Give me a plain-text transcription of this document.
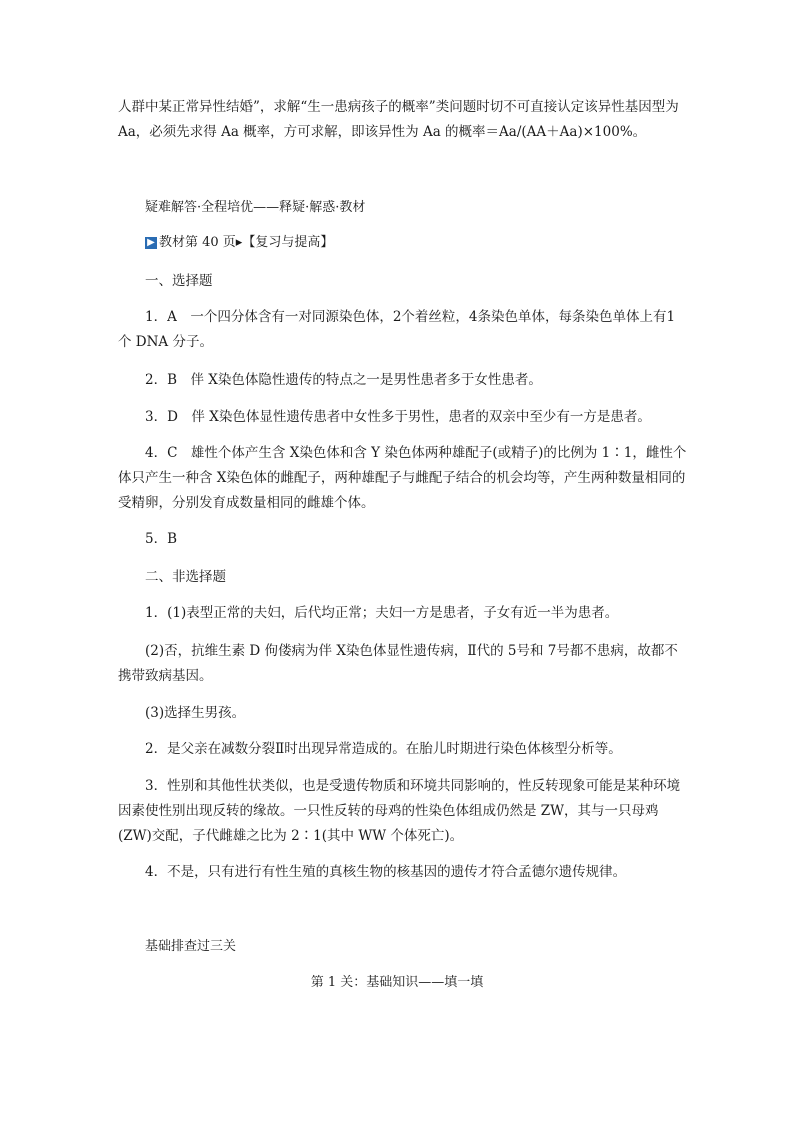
人群中某正常异性结婚”，求解“生一患病孩子的概率”类问题时切不可直接认定该异性基因型为 Aa，必须先求得 Aa 概率，方可求解，即该异性为 Aa 的概率＝Aa/(AA＋Aa)×100%。

疑难解答·全程培优——释疑·解惑·教材
▶ 教材第 40 页▸【复习与提高】
一、选择题

1．A　一个四分体含有一对同源染色体，2个着丝粒，4条染色单体，每条染色单体上有1个 DNA 分子。

2．B　伴 X染色体隐性遗传的特点之一是男性患者多于女性患者。

3．D　伴 X染色体显性遗传患者中女性多于男性，患者的双亲中至少有一方是患者。

4．C　雄性个体产生含 X染色体和含 Y 染色体两种雄配子(或精子)的比例为 1∶1，雌性个体只产生一种含 X染色体的雌配子，两种雄配子与雌配子结合的机会均等，产生两种数量相同的受精卵，分别发育成数量相同的雌雄个体。

5．B

二、非选择题

1．(1)表型正常的夫妇，后代均正常；夫妇一方是患者，子女有近一半为患者。

(2)否，抗维生素 D 佝偻病为伴 X染色体显性遗传病，Ⅱ代的 5号和 7号都不患病，故都不携带致病基因。

(3)选择生男孩。

2．是父亲在减数分裂Ⅱ时出现异常造成的。在胎儿时期进行染色体核型分析等。

3．性别和其他性状类似，也是受遗传物质和环境共同影响的，性反转现象可能是某种环境因素使性别出现反转的缘故。一只性反转的母鸡的性染色体组成仍然是 ZW，其与一只母鸡(ZW)交配，子代雌雄之比为 2∶1(其中 WW 个体死亡)。

4．不是，只有进行有性生殖的真核生物的核基因的遗传才符合孟德尔遗传规律。

基础排查过三关
第 1 关：基础知识——填一填
